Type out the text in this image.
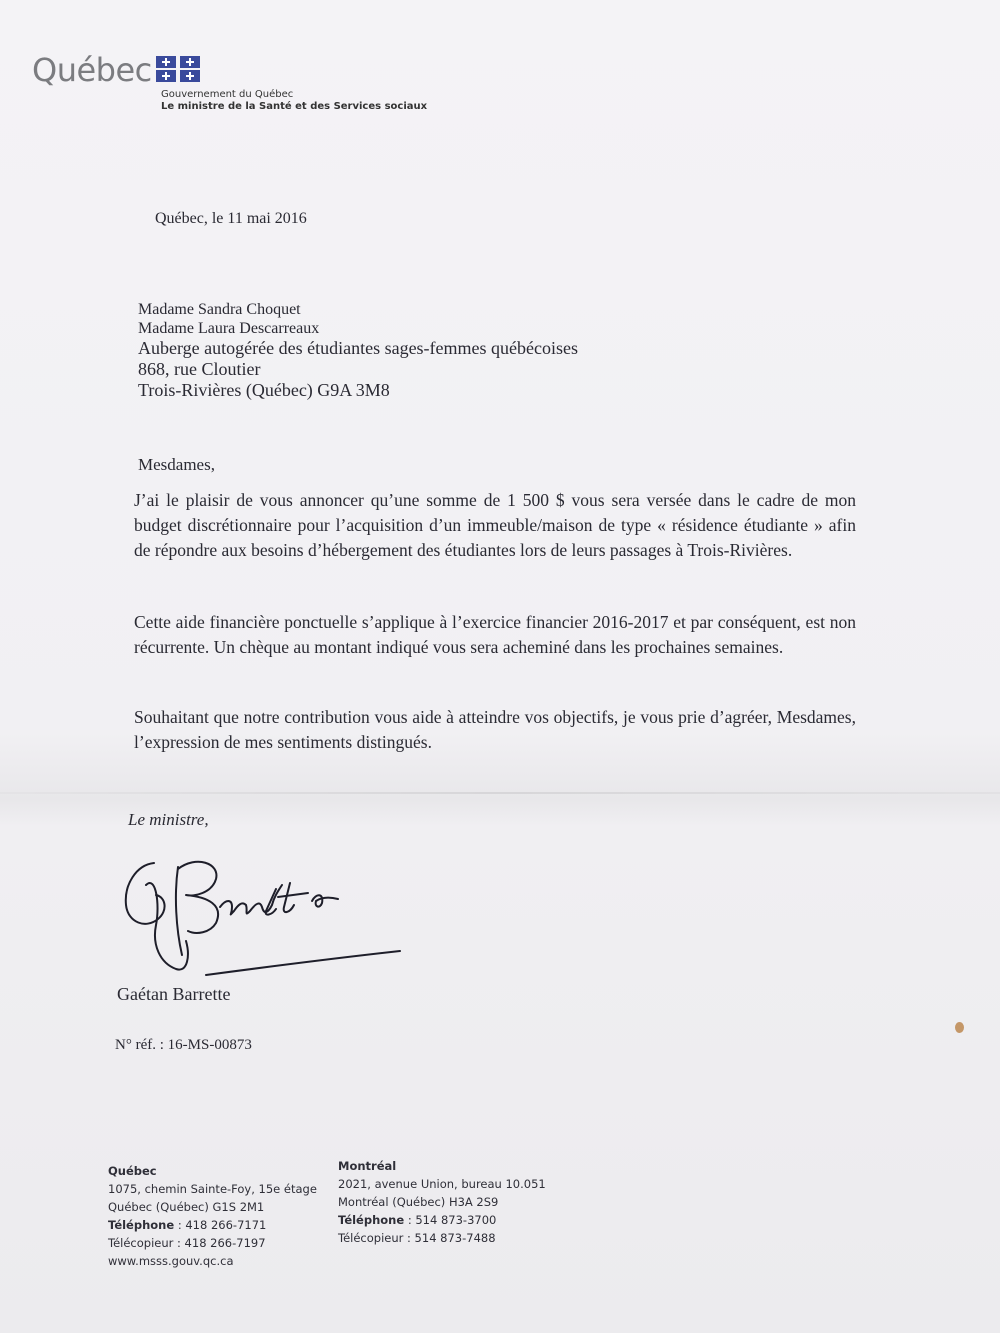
Québec
Gouvernement du Québec
Le ministre de la Santé et des Services sociaux
Québec, le 11 mai 2016
Madame Sandra Choquet
Madame Laura Descarreaux
Auberge autogérée des étudiantes sages-femmes québécoises
868, rue Cloutier
Trois-Rivières (Québec) G9A 3M8
Mesdames,
J’ai le plaisir de vous annoncer qu’une somme de 1 500 $ vous sera versée dans le cadre de mon budget discrétionnaire pour l’acquisition d’un immeuble/maison de type « résidence étudiante » afin de répondre aux besoins d’hébergement des étudiantes lors de leurs passages à Trois-Rivières.
Cette aide financière ponctuelle s’applique à l’exercice financier 2016-2017 et par conséquent, est non récurrente. Un chèque au montant indiqué vous sera acheminé dans les prochaines semaines.
Souhaitant que notre contribution vous aide à atteindre vos objectifs, je vous prie d’agréer, Mesdames, l’expression de mes sentiments distingués.
Le ministre,
Gaétan Barrette
N° réf. : 16-MS-00873
Québec
1075, chemin Sainte-Foy, 15e étage
Québec (Québec) G1S 2M1
Téléphone : 418 266-7171
Télécopieur : 418 266-7197
www.msss.gouv.qc.ca
Montréal
2021, avenue Union, bureau 10.051
Montréal (Québec) H3A 2S9
Téléphone : 514 873-3700
Télécopieur : 514 873-7488
